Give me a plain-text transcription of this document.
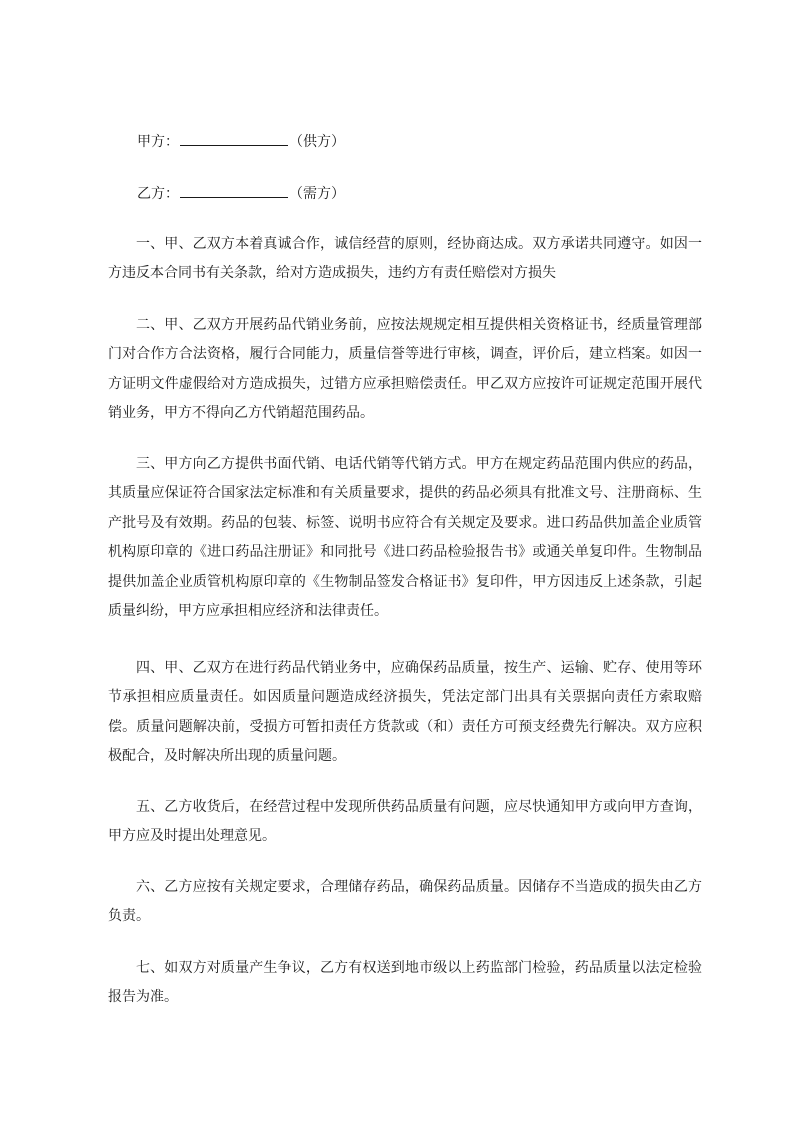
甲方：	（供方）
乙方：	（需方）

一、甲、乙双方本着真诚合作，诚信经营的原则，经协商达成。双方承诺共同遵守。如因一方违反本合同书有关条款，给对方造成损失，违约方有责任赔偿对方损失

二、甲、乙双方开展药品代销业务前，应按法规规定相互提供相关资格证书，经质量管理部门对合作方合法资格，履行合同能力，质量信誉等进行审核，调查，评价后，建立档案。如因一方证明文件虚假给对方造成损失，过错方应承担赔偿责任。甲乙双方应按许可证规定范围开展代销业务，甲方不得向乙方代销超范围药品。

三、甲方向乙方提供书面代销、电话代销等代销方式。甲方在规定药品范围内供应的药品，其质量应保证符合国家法定标准和有关质量要求，提供的药品必须具有批准文号、注册商标、生产批号及有效期。药品的包装、标签、说明书应符合有关规定及要求。进口药品供加盖企业质管机构原印章的《进口药品注册证》和同批号《进口药品检验报告书》或通关单复印件。生物制品提供加盖企业质管机构原印章的《生物制品签发合格证书》复印件，甲方因违反上述条款，引起质量纠纷，甲方应承担相应经济和法律责任。

四、甲、乙双方在进行药品代销业务中，应确保药品质量，按生产、运输、贮存、使用等环节承担相应质量责任。如因质量问题造成经济损失，凭法定部门出具有关票据向责任方索取赔偿。质量问题解决前，受损方可暂扣责任方货款或（和）责任方可预支经费先行解决。双方应积极配合，及时解决所出现的质量问题。

五、乙方收货后，在经营过程中发现所供药品质量有问题，应尽快通知甲方或向甲方查询，甲方应及时提出处理意见。

六、乙方应按有关规定要求，合理储存药品，确保药品质量。因储存不当造成的损失由乙方负责。

七、如双方对质量产生争议，乙方有权送到地市级以上药监部门检验，药品质量以法定检验报告为准。
